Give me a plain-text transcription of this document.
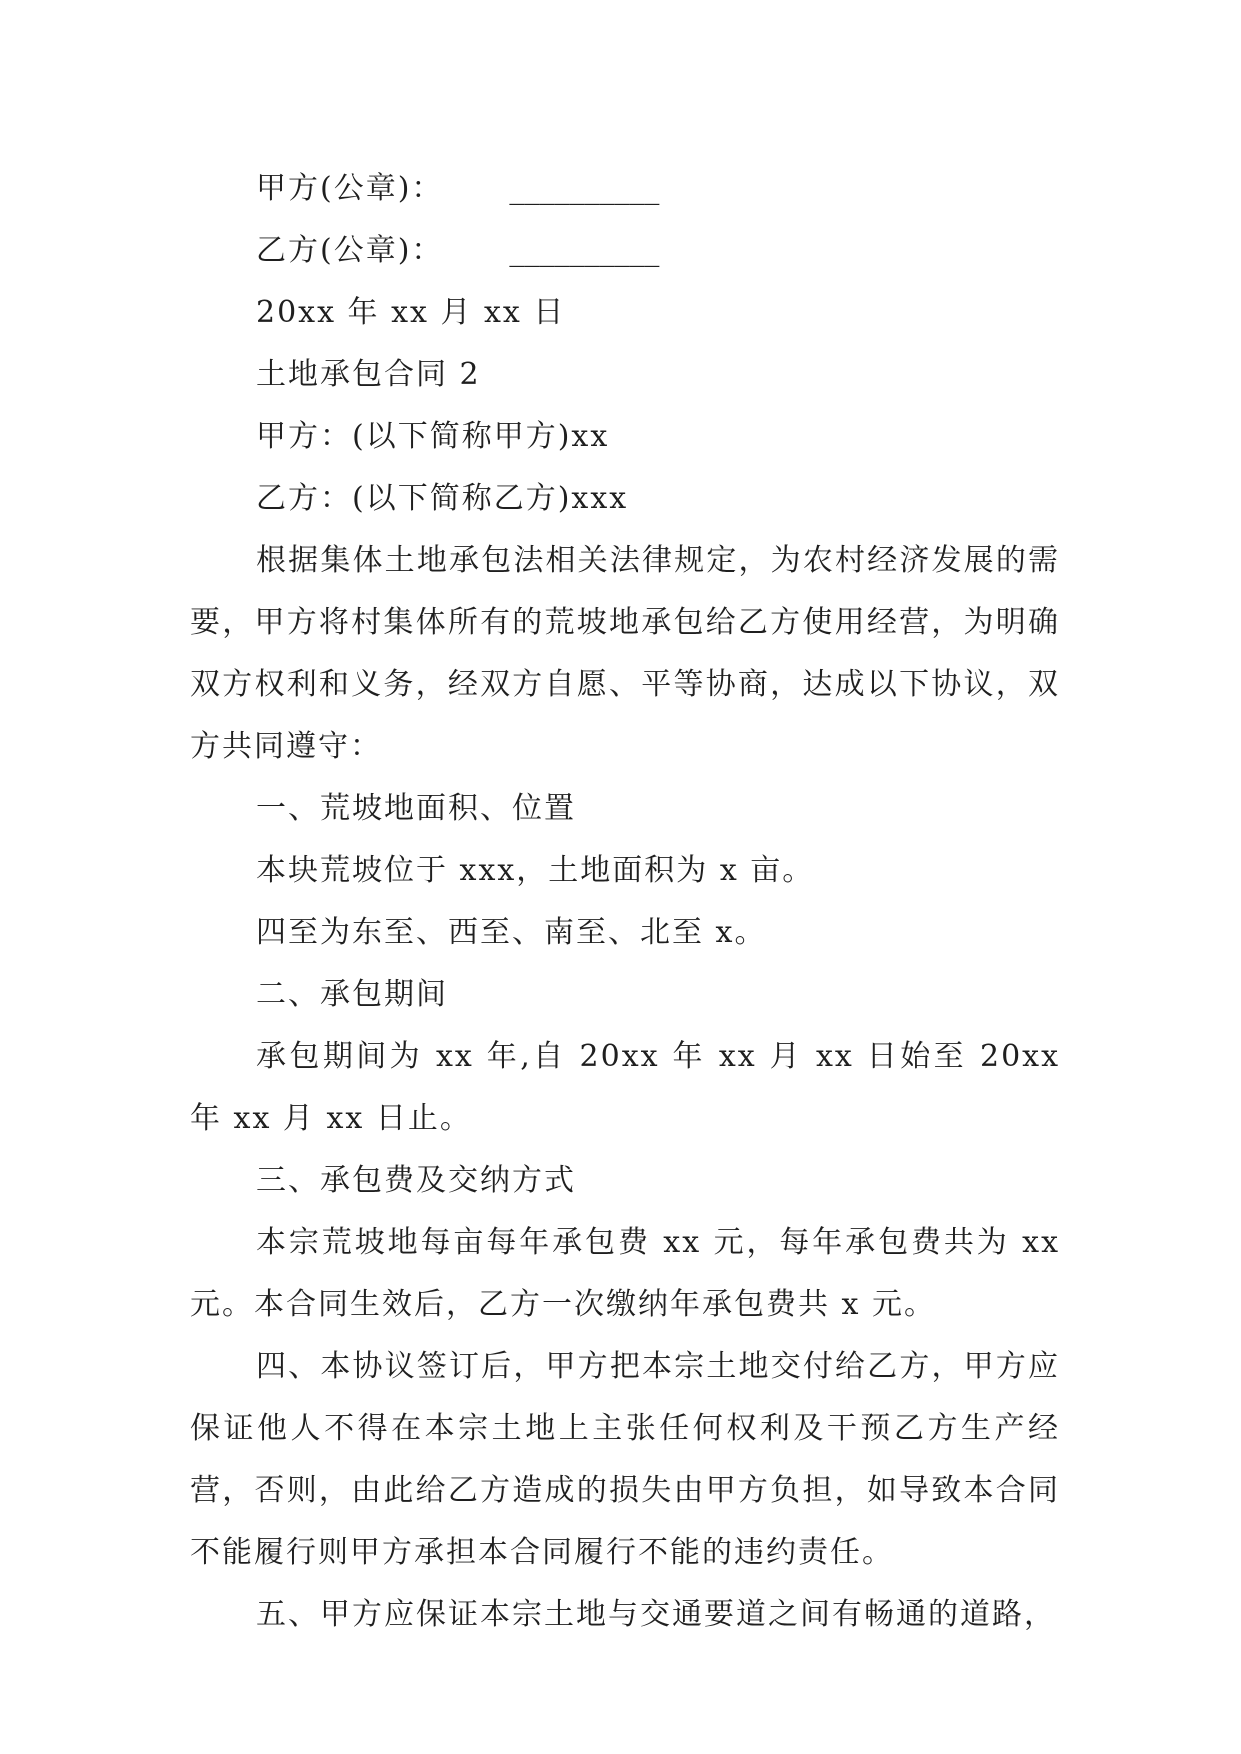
甲方(公章)： __________

乙方(公章)： __________

20xx 年 xx 月 xx 日

土地承包合同 2

甲方：(以下简称甲方)xx

乙方：(以下简称乙方)xxx

根据集体土地承包法相关法律规定，为农村经济发展的需要，甲方将村集体所有的荒坡地承包给乙方使用经营，为明确双方权利和义务，经双方自愿、平等协商，达成以下协议，双方共同遵守：

一、荒坡地面积、位置

本块荒坡位于 xxx，土地面积为 x 亩。

四至为东至、西至、南至、北至 x。

二、承包期间

承包期间为 xx 年,自 20xx 年 xx 月 xx 日始至 20xx 年 xx 月 xx 日止。

三、承包费及交纳方式

本宗荒坡地每亩每年承包费 xx 元，每年承包费共为 xx 元。本合同生效后，乙方一次缴纳年承包费共 x 元。

四、本协议签订后，甲方把本宗土地交付给乙方，甲方应保证他人不得在本宗土地上主张任何权利及干预乙方生产经营，否则，由此给乙方造成的损失由甲方负担，如导致本合同不能履行则甲方承担本合同履行不能的违约责任。

五、甲方应保证本宗土地与交通要道之间有畅通的道路，
